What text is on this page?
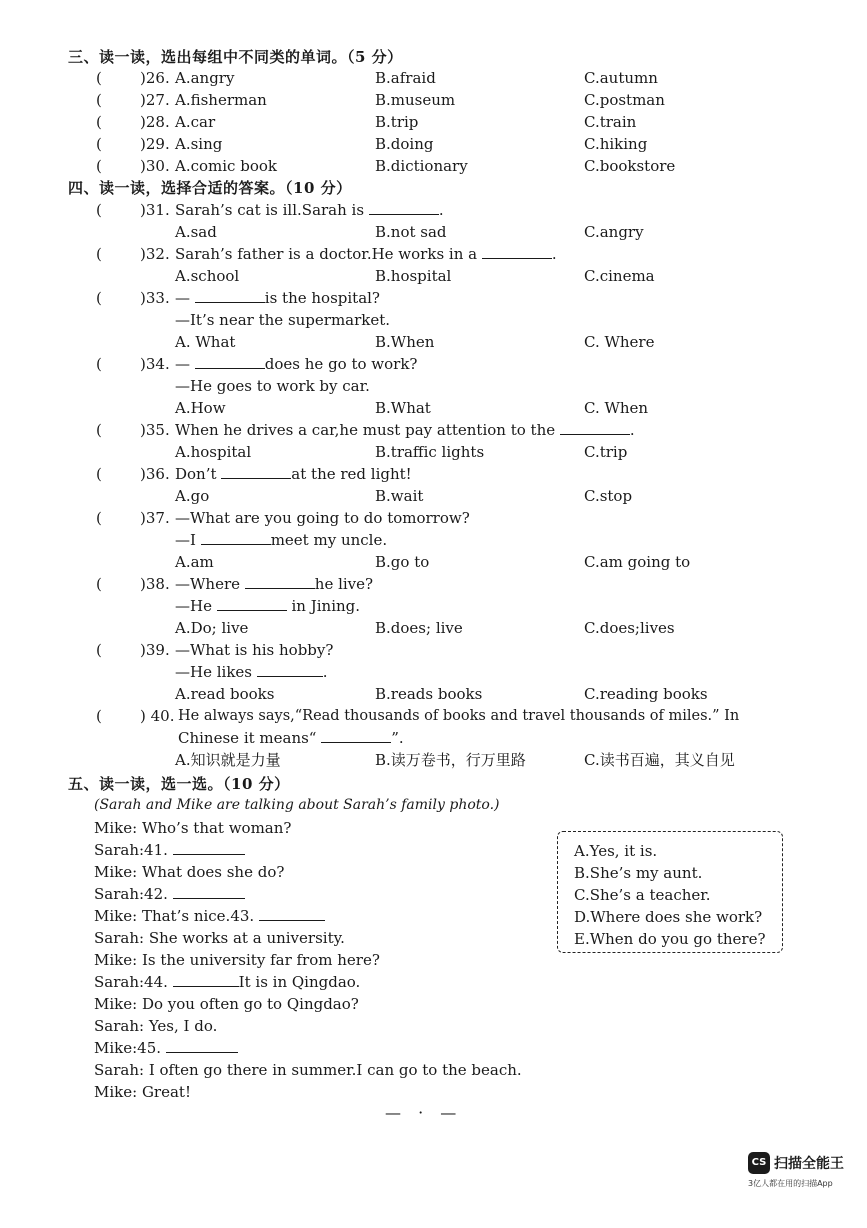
三、读一读，选出每组中不同类的单词。（5 分）
(	)26. A.angry	B.afraid	C.autumn
(	)27. A.fisherman	B.museum	C.postman
(	)28. A.car	B.trip	C.train
(	)29. A.sing	B.doing	C.hiking
(	)30. A.comic book	B.dictionary	C.bookstore
四、读一读，选择合适的答案。（10 分）
(	)31. Sarah’s cat is ill.Sarah is	.
A.sad	B.not sad	C.angry
(	)32. Sarah’s father is a doctor.He works in a	.
A.school	B.hospital	C.cinema
(	)33. —	is the hospital?
—It’s near the supermarket.
A. What	B.When	C. Where
(	)34. —	does he go to work?
—He goes to work by car.
A.How	B.What	C. When
(	)35. When he drives a car,he must pay attention to the	.
A.hospital	B.traffic lights	C.trip
(	)36. Don’t	at the red light!
A.go	B.wait	C.stop
(	)37. —What are you going to do tomorrow?
—I	meet my uncle.
A.am	B.go to	C.am going to
(	)38. —Where	he live?
—He	in Jining.
A.Do; live	B.does; live	C.does;lives
(	)39. —What is his hobby?
—He likes	.
A.read books	B.reads books	C.reading books
(	) 40. He always says,“Read thousands of books and travel thousands of miles.” In
Chinese it means“	”.
A.知识就是力量	B.读万卷书，行万里路	C.读书百遍，其义自见
五、读一读，选一选。（10 分）
(Sarah and Mike are talking about Sarah’s family photo.)
Mike: Who’s that woman?
Sarah:41.
Mike: What does she do?
Sarah:42.
Mike: That’s nice.43.
Sarah: She works at a university.
Mike: Is the university far from here?
Sarah:44.	It is in Qingdao.
Mike: Do you often go to Qingdao?
Sarah: Yes, I do.
Mike:45.
Sarah: I often go there in summer.I can go to the beach.
Mike: Great!
A.Yes, it is.
B.She’s my aunt.
C.She’s a teacher.
D.Where does she work?
E.When do you go there?
— · —
CS 扫描全能王
3亿人都在用的扫描App
